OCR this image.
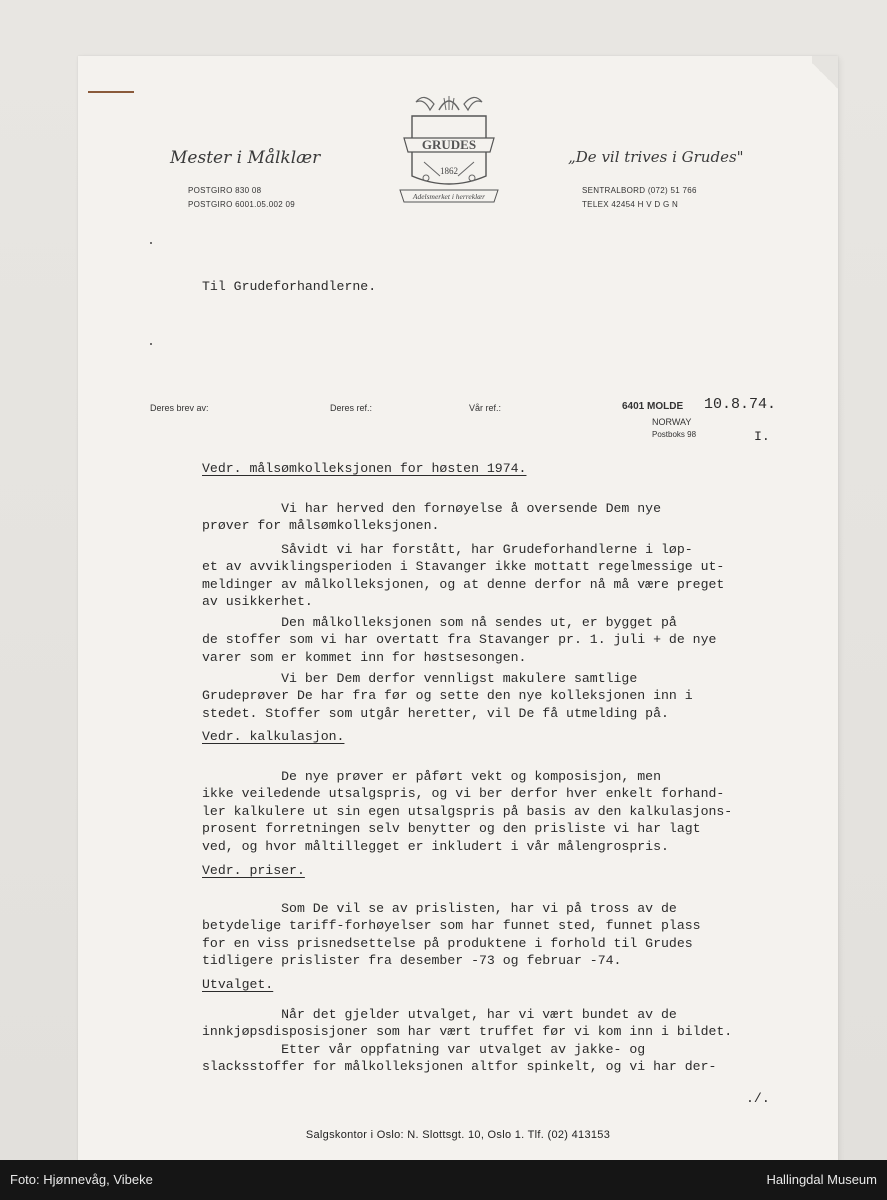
Mester i Målklær
POSTGIRO 830 08
POSTGIRO 6001.05.002 09
GRUDES
1862
Adelsmerket i herreklær
„De vil trives i Grudes"
SENTRALBORD (072) 51 766
TELEX 42454 H V D G N
Til Grudeforhandlerne.
Deres brev av:	Deres ref.:	Vår ref.:	6401 MOLDE 10.8.74.
NORWAY
Postboks 98	I.
Vedr. målsømkolleksjonen for høsten 1974.
Vi har herved den fornøyelse å oversende Dem nye
prøver for målsømkolleksjonen.
Såvidt vi har forstått, har Grudeforhandlerne i løp-
et av avviklingsperioden i Stavanger ikke mottatt regelmessige ut-
meldinger av målkolleksjonen, og at denne derfor nå må være preget
av usikkerhet.
Den målkolleksjonen som nå sendes ut, er bygget på
de stoffer som vi har overtatt fra Stavanger pr. 1. juli + de nye
varer som er kommet inn for høstsesongen.
Vi ber Dem derfor vennligst makulere samtlige
Grudeprøver De har fra før og sette den nye kolleksjonen inn i
stedet. Stoffer som utgår heretter, vil De få utmelding på.
Vedr. kalkulasjon.
De nye prøver er påført vekt og komposisjon, men
ikke veiledende utsalgspris, og vi ber derfor hver enkelt forhand-
ler kalkulere ut sin egen utsalgspris på basis av den kalkulasjons-
prosent forretningen selv benytter og den prisliste vi har lagt
ved, og hvor måltillegget er inkludert i vår målengrospris.
Vedr. priser.
Som De vil se av prislisten, har vi på tross av de
betydelige tariff-forhøyelser som har funnet sted, funnet plass
for en viss prisnedsettelse på produktene i forhold til Grudes
tidligere prislister fra desember -73 og februar -74.
Utvalget.
Når det gjelder utvalget, har vi vært bundet av de
innkjøpsdisposisjoner som har vært truffet før vi kom inn i bildet.
Etter vår oppfatning var utvalget av jakke- og
slacksstoffer for målkolleksjonen altfor spinkelt, og vi har der-
./.
Salgskontor i Oslo: N. Slottsgt. 10, Oslo 1. Tlf. (02) 413153
Foto: Hjønnevåg, Vibeke	Hallingdal Museum
